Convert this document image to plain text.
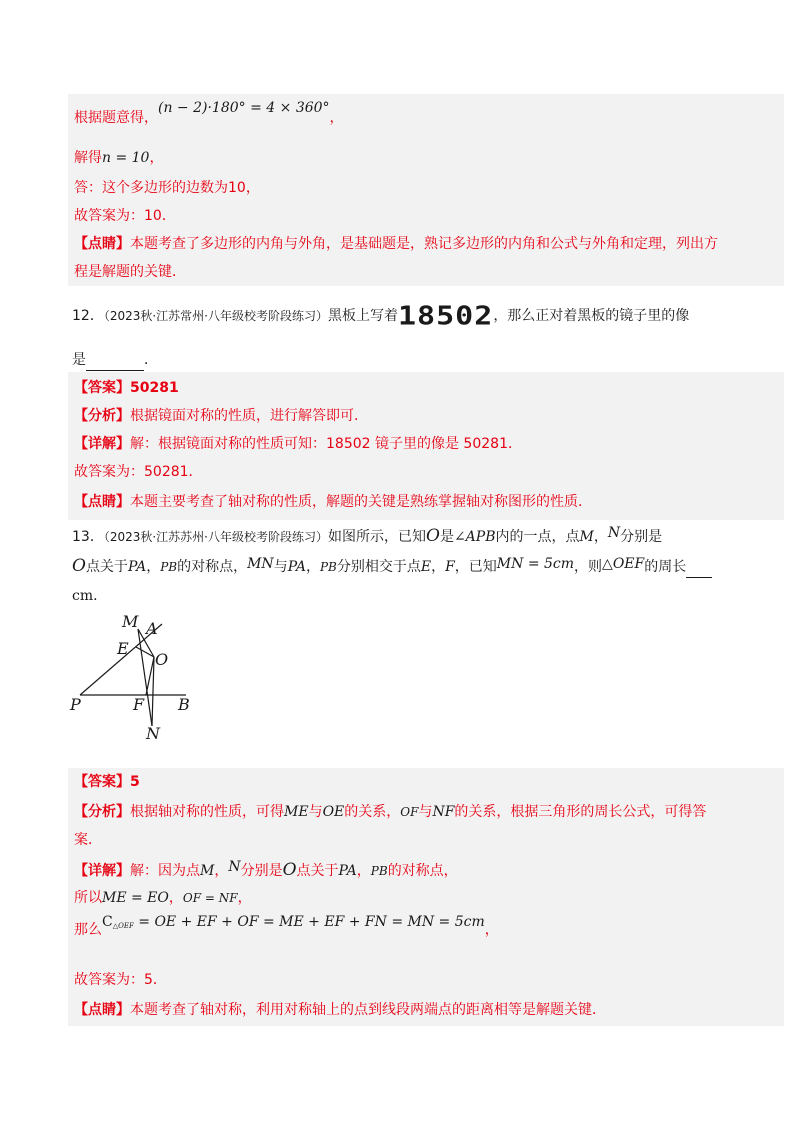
根据题意得，(n − 2)·180° = 4 × 360°，
解得n = 10，
答：这个多边形的边数为10，
故答案为：10．
【点睛】本题考查了多边形的内角与外角，是基础题是，熟记多边形的内角和公式与外角和定理，列出方
程是解题的关键．
12．（2023秋·江苏常州·八年级校考阶段练习）黑板上写着18502，那么正对着黑板的镜子里的像
是	．
【答案】50281
【分析】根据镜面对称的性质，进行解答即可．
【详解】解：根据镜面对称的性质可知：18502 镜子里的像是 50281．
故答案为：50281．
【点睛】本题主要考查了轴对称的性质，解题的关键是熟练掌握轴对称图形的性质．
13．（2023秋·江苏苏州·八年级校考阶段练习）如图所示，已知O是∠APB内的一点，点M，N分别是
O点关于PA，PB的对称点，MN与PA，PB分别相交于点E，F，已知MN = 5cm，则△OEF的周长
cm．
M A
E
O
P	F B
N
【答案】5
【分析】根据轴对称的性质，可得ME与OE的关系，OF与NF的关系，根据三角形的周长公式，可得答
案．
【详解】解：因为点M，N分别是O点关于PA，PB的对称点，
所以ME = EO，OF = NF，
那么$C^{\triangle OEF}$ = OE + EF + OF = ME + EF + FN = MN = 5cm，
故答案为：5．
【点睛】本题考查了轴对称，利用对称轴上的点到线段两端点的距离相等是解题关键．
